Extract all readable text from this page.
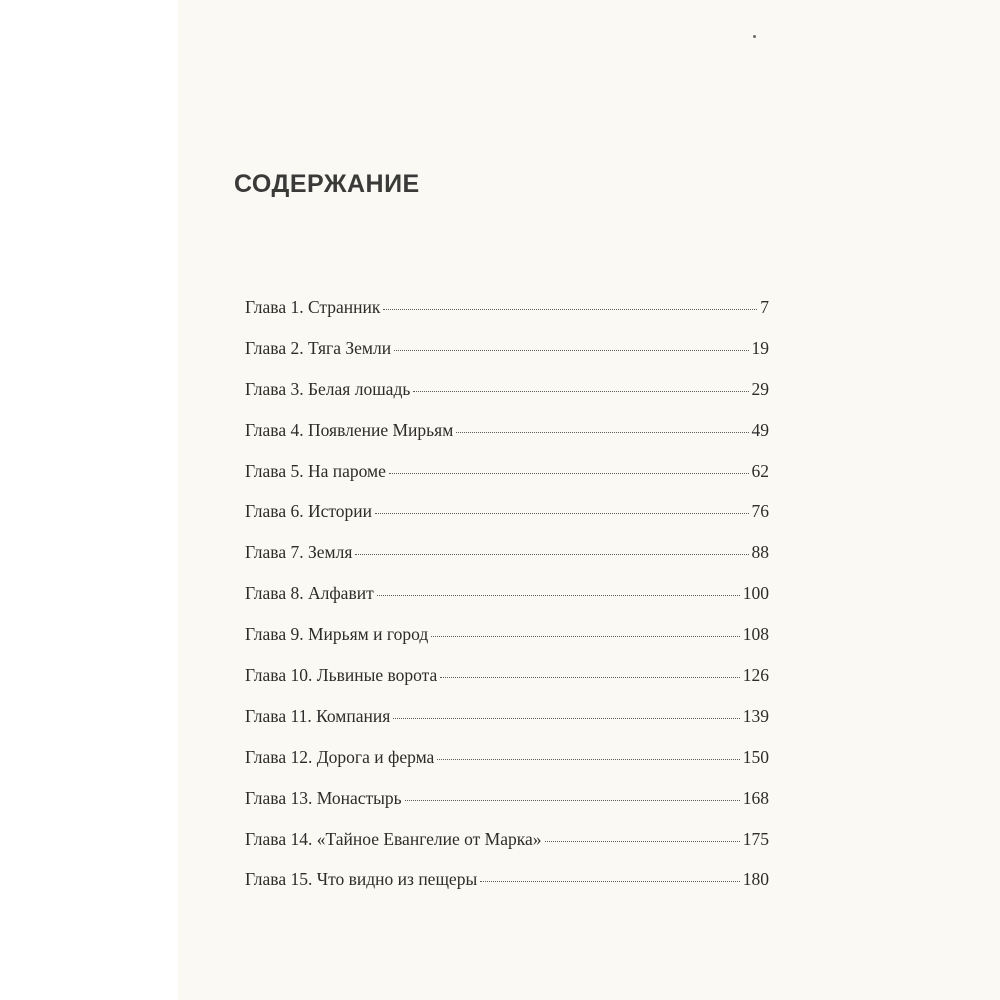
СОДЕРЖАНИЕ
Глава 1. Странник	7
Глава 2. Тяга Земли	19
Глава 3. Белая лошадь	29
Глава 4. Появление Мирьям	49
Глава 5. На пароме	62
Глава 6. Истории	76
Глава 7. Земля	88
Глава 8. Алфавит	100
Глава 9. Мирьям и город	108
Глава 10. Львиные ворота	126
Глава 11. Компания	139
Глава 12. Дорога и ферма	150
Глава 13. Монастырь	168
Глава 14. «Тайное Евангелие от Марка»	175
Глава 15. Что видно из пещеры	180
